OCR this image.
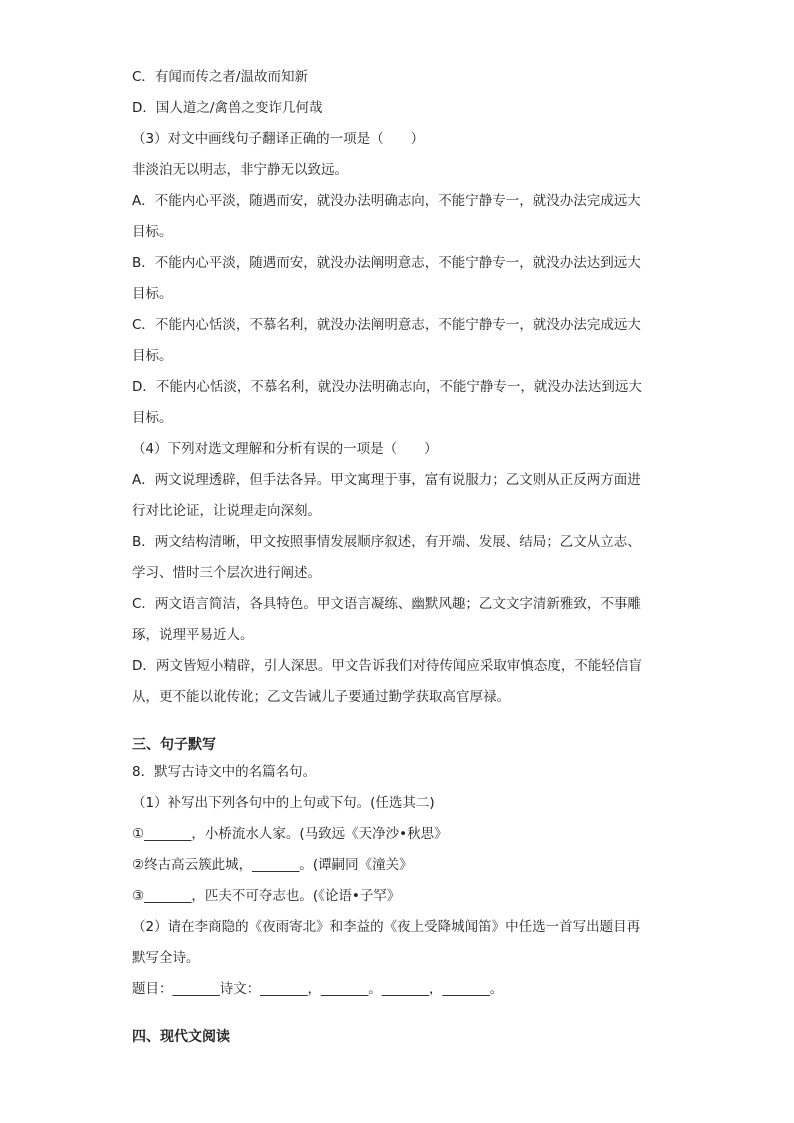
C．有闻而传之者/温故而知新
D．国人道之/禽兽之变诈几何哉
（3）对文中画线句子翻译正确的一项是（　　）
非淡泊无以明志，非宁静无以致远。
A．不能内心平淡，随遇而安，就没办法明确志向，不能宁静专一，就没办法完成远大
目标。
B．不能内心平淡，随遇而安，就没办法阐明意志，不能宁静专一，就没办法达到远大
目标。
C．不能内心恬淡，不慕名利，就没办法阐明意志，不能宁静专一，就没办法完成远大
目标。
D．不能内心恬淡，不慕名利，就没办法明确志向，不能宁静专一，就没办法达到远大
目标。
（4）下列对选文理解和分析有误的一项是（　　）
A．两文说理透辟，但手法各异。甲文寓理于事，富有说服力；乙文则从正反两方面进
行对比论证，让说理走向深刻。
B．两文结构清晰，甲文按照事情发展顺序叙述，有开端、发展、结局；乙文从立志、
学习、惜时三个层次进行阐述。
C．两文语言简洁，各具特色。甲文语言凝练、幽默风趣；乙文文字清新雅致，不事雕
琢，说理平易近人。
D．两文皆短小精辟，引人深思。甲文告诉我们对待传闻应采取审慎态度，不能轻信盲
从，更不能以讹传讹；乙文告诫儿子要通过勤学获取高官厚禄。
三、句子默写
8．默写古诗文中的名篇名句。
（1）补写出下列各句中的上句或下句。(任选其二)
①_______，小桥流水人家。(马致远《天净沙•秋思》
②终古高云簇此城，_______。(谭嗣同《潼关》
③_______，匹夫不可夺志也。(《论语•子罕》
（2）请在李商隐的《夜雨寄北》和李益的《夜上受降城闻笛》中任选一首写出题目再
默写全诗。
题目：_______诗文：_______，_______。_______，_______。
四、现代文阅读
